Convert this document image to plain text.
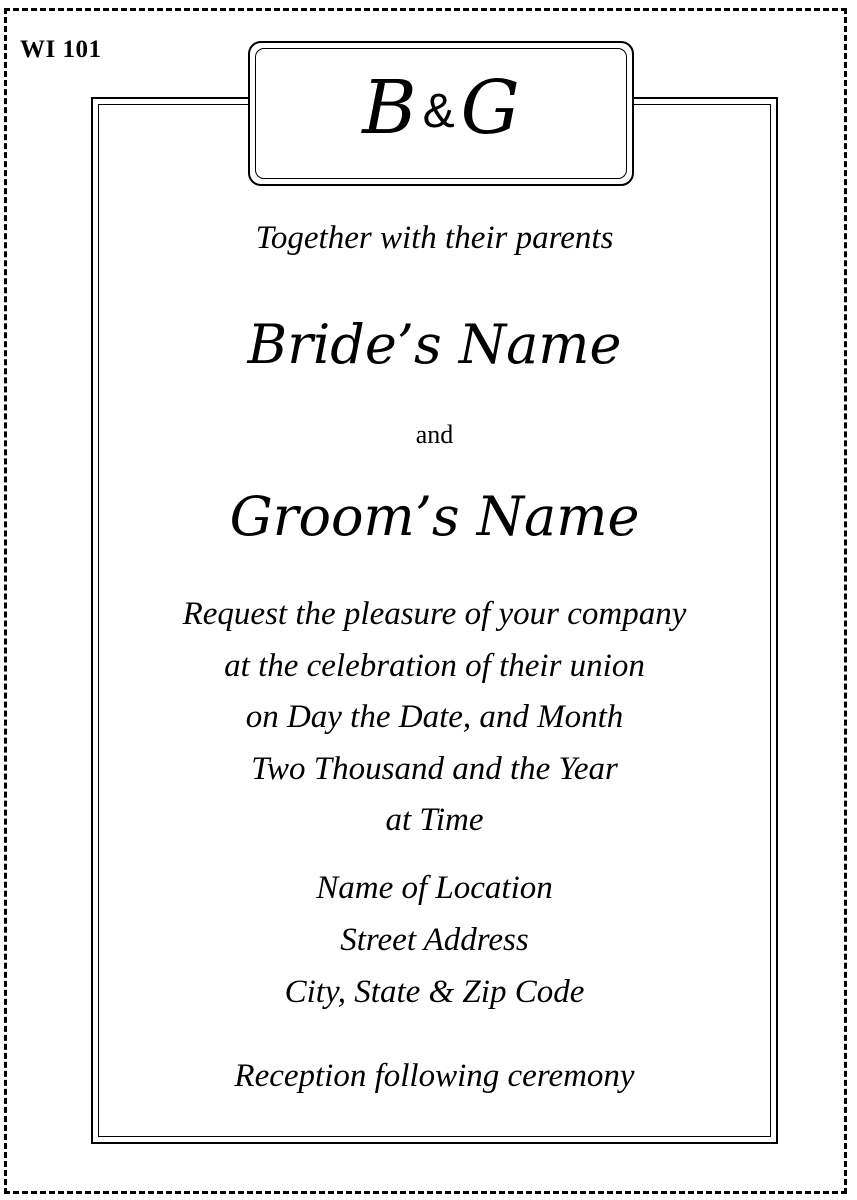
WI 101
B &G
Together with their parents
Bride’s Name
and
Groom’s Name
Request the pleasure of your company
at the celebration of their union
on Day the Date, and Month
Two Thousand and the Year
at Time
Name of Location
Street Address
City, State & Zip Code
Reception following ceremony
